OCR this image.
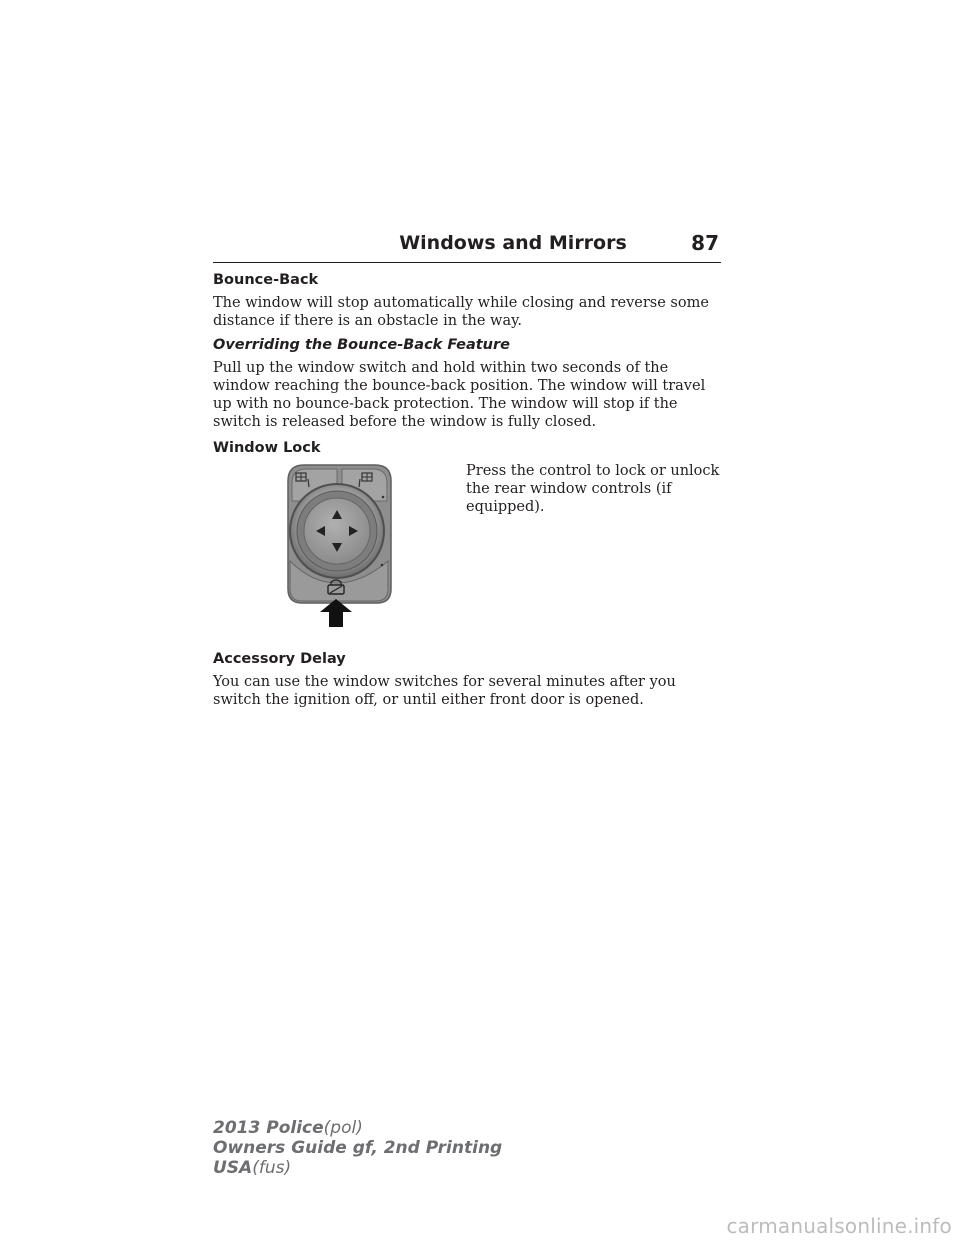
Windows and Mirrors	87
Bounce-Back
The window will stop automatically while closing and reverse some distance if there is an obstacle in the way.
Overriding the Bounce-Back Feature
Pull up the window switch and hold within two seconds of the window reaching the bounce-back position. The window will travel up with no bounce-back protection. The window will stop if the switch is released before the window is fully closed.
Window Lock
Press the control to lock or unlock the rear window controls (if equipped).
Accessory Delay
You can use the window switches for several minutes after you switch the ignition off, or until either front door is opened.
2013 Police(pol)
Owners Guide gf, 2nd Printing
USA(fus)
carmanualsonline.info
